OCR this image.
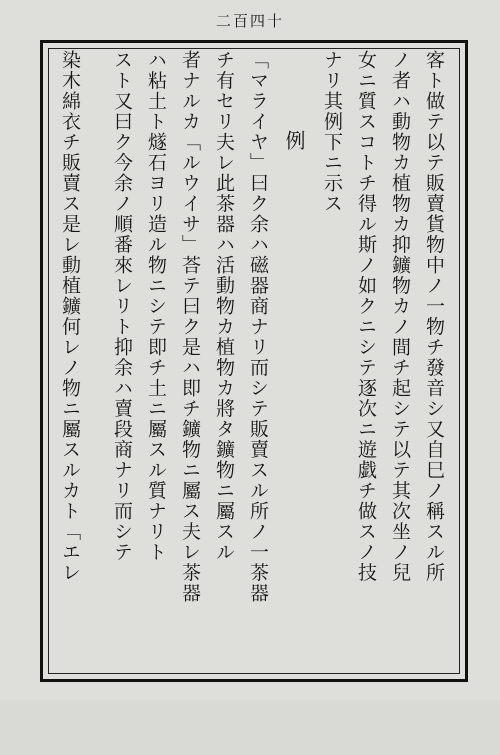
二百四十
客ト做テ以テ販賣貨物中ノ一物チ發音シ又自巳ノ稱スル所
ノ者ハ動物カ植物カ抑鑛物カノ間チ起シテ以テ其次坐ノ兒
女ニ質スコトチ得ル斯ノ如クニシテ逐次ニ遊戯チ做スノ技
ナリ其例下ニ示ス
例
「マライヤ」曰ク余ハ磁器商ナリ而シテ販賣スル所ノ一茶器
チ有セリ夫レ此茶器ハ活動物カ植物カ將タ鑛物ニ屬スル
者ナルカ「ルウイサ」荅テ曰ク是ハ即チ鑛物ニ屬ス夫レ茶器
ハ粘土ト燧石ヨリ造ル物ニシテ即チ土ニ屬スル質ナリト
スト又曰ク今余ノ順番來レリト抑余ハ賣段商ナリ而シテ
染木綿衣チ販賣ス是レ動植鑛何レノ物ニ屬スルカト「エレ
